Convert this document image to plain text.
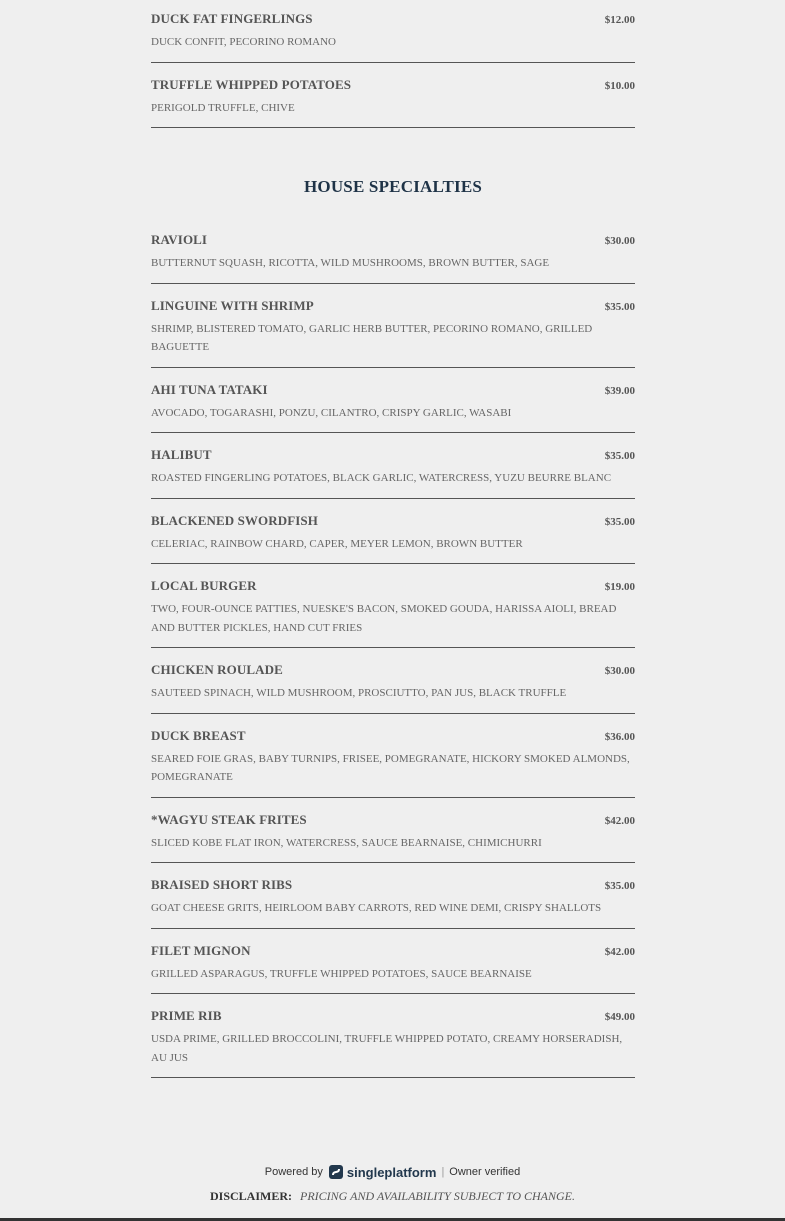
DUCK FAT FINGERLINGS	$12.00
DUCK CONFIT, PECORINO ROMANO
TRUFFLE WHIPPED POTATOES	$10.00
PERIGOLD TRUFFLE, CHIVE
HOUSE SPECIALTIES
RAVIOLI	$30.00
BUTTERNUT SQUASH, RICOTTA, WILD MUSHROOMS, BROWN BUTTER, SAGE
LINGUINE WITH SHRIMP	$35.00
SHRIMP, BLISTERED TOMATO, GARLIC HERB BUTTER, PECORINO ROMANO, GRILLED BAGUETTE
AHI TUNA TATAKI	$39.00
AVOCADO, TOGARASHI, PONZU, CILANTRO, CRISPY GARLIC, WASABI
HALIBUT	$35.00
ROASTED FINGERLING POTATOES, BLACK GARLIC, WATERCRESS, YUZU BEURRE BLANC
BLACKENED SWORDFISH	$35.00
CELERIAC, RAINBOW CHARD, CAPER, MEYER LEMON, BROWN BUTTER
LOCAL BURGER	$19.00
TWO, FOUR-OUNCE PATTIES, NUESKE'S BACON, SMOKED GOUDA, HARISSA AIOLI, BREAD AND BUTTER PICKLES, HAND CUT FRIES
CHICKEN ROULADE	$30.00
SAUTEED SPINACH, WILD MUSHROOM, PROSCIUTTO, PAN JUS, BLACK TRUFFLE
DUCK BREAST	$36.00
SEARED FOIE GRAS, BABY TURNIPS, FRISEE, POMEGRANATE, HICKORY SMOKED ALMONDS, POMEGRANATE
*WAGYU STEAK FRITES	$42.00
SLICED KOBE FLAT IRON, WATERCRESS, SAUCE BEARNAISE, CHIMICHURRI
BRAISED SHORT RIBS	$35.00
GOAT CHEESE GRITS, HEIRLOOM BABY CARROTS, RED WINE DEMI, CRISPY SHALLOTS
FILET MIGNON	$42.00
GRILLED ASPARAGUS, TRUFFLE WHIPPED POTATOES, SAUCE BEARNAISE
PRIME RIB	$49.00
USDA PRIME, GRILLED BROCCOLINI, TRUFFLE WHIPPED POTATO, CREAMY HORSERADISH, AU JUS
Powered by singleplatform | Owner verified
DISCLAIMER: PRICING AND AVAILABILITY SUBJECT TO CHANGE.
